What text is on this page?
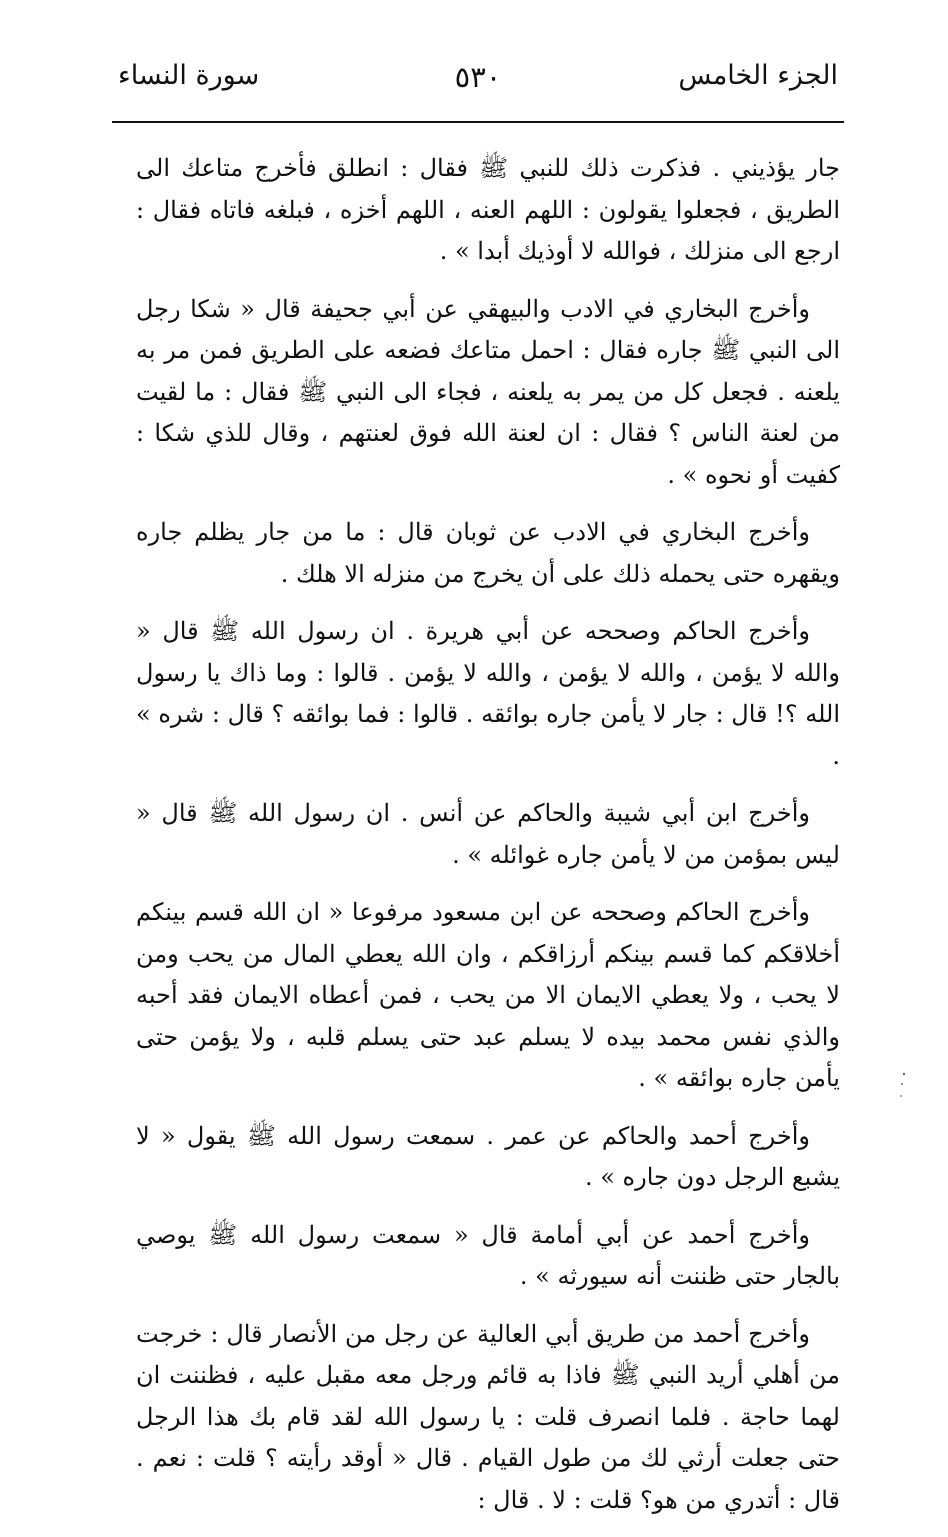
الجزء الخامس
٥٣٠
سورة النساء

جار يؤذيني . فذكرت ذلك للنبي ﷺ فقال : انطلق فأخرج متاعك الى الطريق ، فجعلوا يقولون : اللهم العنه ، اللهم أخزه ، فبلغه فاتاه فقال : ارجع الى منزلك ، فوالله لا أوذيك أبدا » .

وأخرج البخاري في الادب والبيهقي عن أبي جحيفة قال « شكا رجل الى النبي ﷺ جاره فقال : احمل متاعك فضعه على الطريق فمن مر به يلعنه . فجعل كل من يمر به يلعنه ، فجاء الى النبي ﷺ فقال : ما لقيت من لعنة الناس ؟ فقال : ان لعنة الله فوق لعنتهم ، وقال للذي شكا : كفيت أو نحوه » .

وأخرج البخاري في الادب عن ثوبان قال : ما من جار يظلم جاره ويقهره حتى يحمله ذلك على أن يخرج من منزله الا هلك .

وأخرج الحاكم وصححه عن أبي هريرة . ان رسول الله ﷺ قال « والله لا يؤمن ، والله لا يؤمن ، والله لا يؤمن . قالوا : وما ذاك يا رسول الله ؟! قال : جار لا يأمن جاره بوائقه . قالوا : فما بوائقه ؟ قال : شره » .

وأخرج ابن أبي شيبة والحاكم عن أنس . ان رسول الله ﷺ قال « ليس بمؤمن من لا يأمن جاره غوائله » .

وأخرج الحاكم وصححه عن ابن مسعود مرفوعا « ان الله قسم بينكم أخلاقكم كما قسم بينكم أرزاقكم ، وان الله يعطي المال من يحب ومن لا يحب ، ولا يعطي الايمان الا من يحب ، فمن أعطاه الايمان فقد أحبه والذي نفس محمد بيده لا يسلم عبد حتى يسلم قلبه ، ولا يؤمن حتى يأمن جاره بوائقه » .

وأخرج أحمد والحاكم عن عمر . سمعت رسول الله ﷺ يقول « لا يشبع الرجل دون جاره » .

وأخرج أحمد عن أبي أمامة قال « سمعت رسول الله ﷺ يوصي بالجار حتى ظننت أنه سيورثه » .

وأخرج أحمد من طريق أبي العالية عن رجل من الأنصار قال : خرجت من أهلي أريد النبي ﷺ فاذا به قائم ورجل معه مقبل عليه ، فظننت ان لهما حاجة . فلما انصرف قلت : يا رسول الله لقد قام بك هذا الرجل حتى جعلت أرثي لك من طول القيام . قال « أوقد رأيته ؟ قلت : نعم . قال : أتدري من هو؟ قلت : لا . قال :
